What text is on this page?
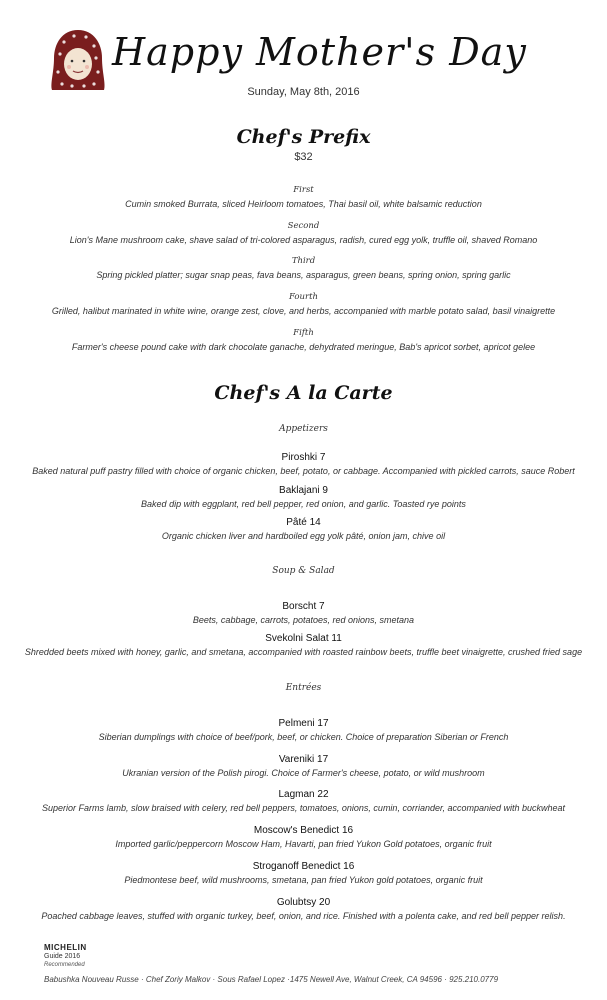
Happy Mother's Day
Sunday, May 8th, 2016
Chef's Prefix
$32
First
Cumin smoked Burrata, sliced Heirloom tomatoes, Thai basil oil, white balsamic reduction
Second
Lion's Mane mushroom cake, shave salad of tri-colored asparagus, radish, cured egg yolk, truffle oil, shaved Romano
Third
Spring pickled platter; sugar snap peas, fava beans, asparagus, green beans, spring onion, spring garlic
Fourth
Grilled, halibut marinated in white wine, orange zest, clove, and herbs, accompanied with marble potato salad, basil vinaigrette
Fifth
Farmer's cheese pound cake with dark chocolate ganache, dehydrated meringue, Bab's apricot sorbet, apricot gelee
Chef's A la Carte
Appetizers
Piroshki 7
Baked natural puff pastry filled with choice of organic chicken, beef, potato, or cabbage. Accompanied with pickled carrots, sauce Robert
Baklajani 9
Baked dip with eggplant, red bell pepper, red onion, and garlic. Toasted rye points
Pâté 14
Organic chicken liver and hardboiled egg yolk pâté, onion jam, chive oil
Soup & Salad
Borscht 7
Beets, cabbage, carrots, potatoes, red onions, smetana
Svekolni Salat 11
Shredded beets mixed with honey, garlic, and smetana, accompanied with roasted rainbow beets, truffle beet vinaigrette, crushed fried sage
Entrées
Pelmeni 17
Siberian dumplings with choice of beef/pork, beef, or chicken. Choice of preparation Siberian or French
Vareniki 17
Ukranian version of the Polish pirogi. Choice of Farmer's cheese, potato, or wild mushroom
Lagman 22
Superior Farms lamb, slow braised with celery, red bell peppers, tomatoes, onions, cumin, corriander, accompanied with buckwheat
Moscow's Benedict 16
Imported garlic/peppercorn Moscow Ham, Havarti, pan fried Yukon Gold potatoes, organic fruit
Stroganoff Benedict 16
Piedmontese beef, wild mushrooms, smetana, pan fried Yukon gold potatoes, organic fruit
Golubtsy 20
Poached cabbage leaves, stuffed with organic turkey, beef, onion, and rice. Finished with a polenta cake, and red bell pepper relish.
MICHELIN
Guide 2016
Recommended
Babushka Nouveau Russe · Chef Zoriy Malkov · Sous Rafael Lopez ·1475 Newell Ave, Walnut Creek, CA 94596 · 925.210.0779
